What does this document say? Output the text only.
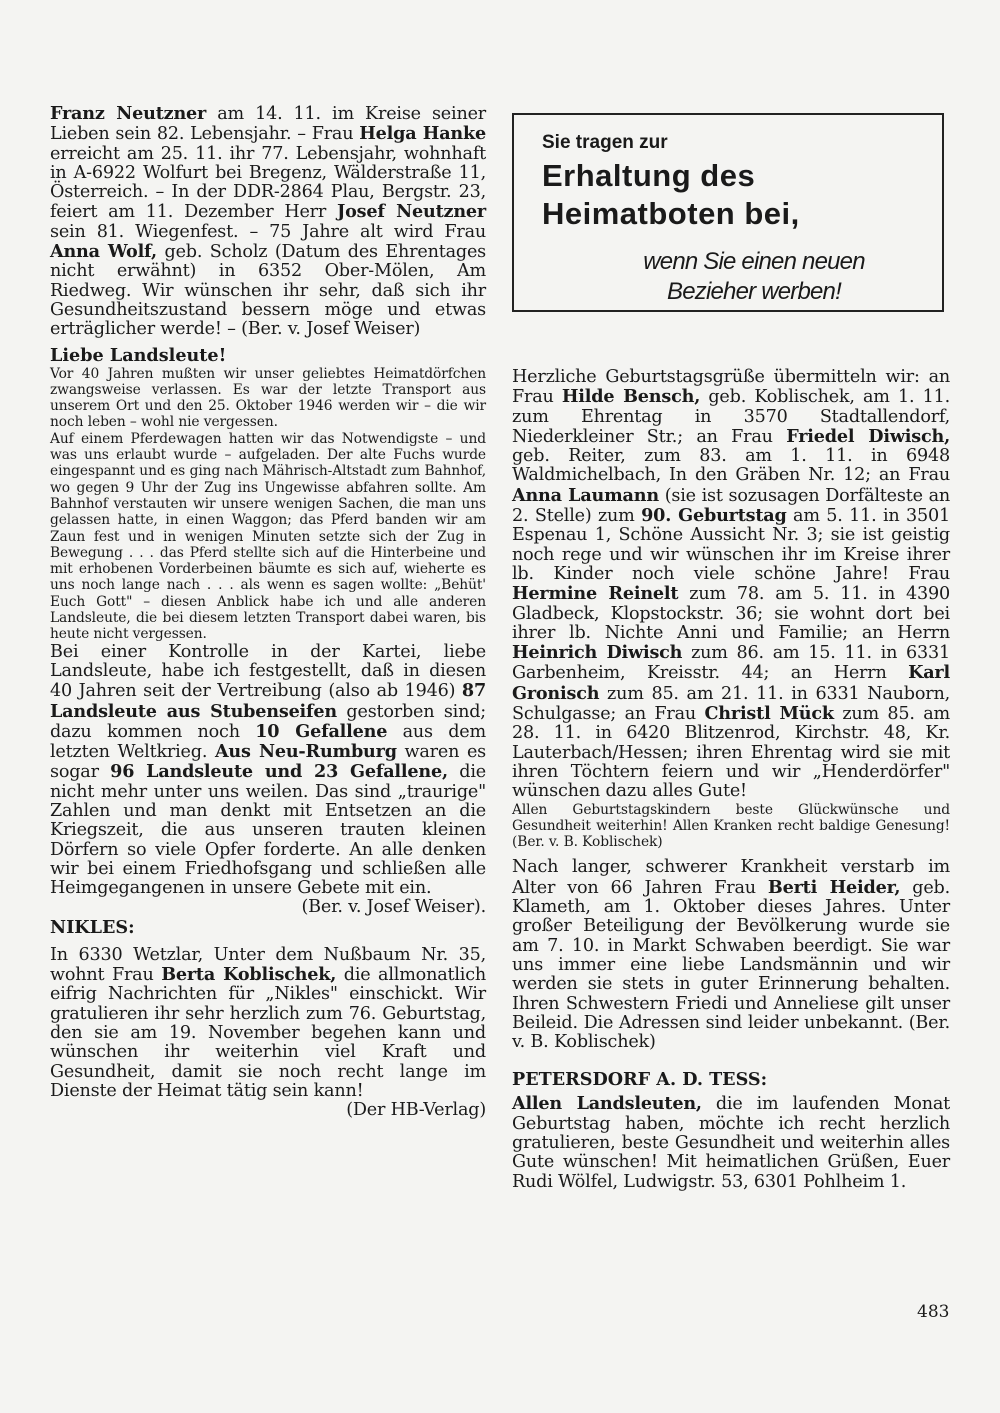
Franz Neutzner am 14. 11. im Kreise seiner Lieben sein 82. Lebensjahr. – Frau Helga Hanke erreicht am 25. 11. ihr 77. Lebensjahr, wohnhaft in A-6922 Wolfurt bei Bregenz, Wälderstraße 11, Österreich. – In der DDR-2864 Plau, Bergstr. 23, feiert am 11. Dezember Herr Josef Neutzner sein 81. Wiegenfest. – 75 Jahre alt wird Frau Anna Wolf, geb. Scholz (Datum des Ehrentages nicht erwähnt) in 6352 Ober-Mölen, Am Riedweg. Wir wünschen ihr sehr, daß sich ihr Gesundheitszustand bessern möge und etwas erträglicher werde! – (Ber. v. Josef Weiser)

Liebe Landsleute!

Vor 40 Jahren mußten wir unser geliebtes Heimatdörfchen zwangsweise verlassen. Es war der letzte Transport aus unserem Ort und den 25. Oktober 1946 werden wir – die wir noch leben – wohl nie vergessen.

Auf einem Pferdewagen hatten wir das Notwendigste – und was uns erlaubt wurde – aufgeladen. Der alte Fuchs wurde eingespannt und es ging nach Mährisch-Altstadt zum Bahnhof, wo gegen 9 Uhr der Zug ins Ungewisse abfahren sollte. Am Bahnhof verstauten wir unsere wenigen Sachen, die man uns gelassen hatte, in einen Waggon; das Pferd banden wir am Zaun fest und in wenigen Minuten setzte sich der Zug in Bewegung . . . das Pferd stellte sich auf die Hinterbeine und mit erhobenen Vorderbeinen bäumte es sich auf, wieherte es uns noch lange nach . . . als wenn es sagen wollte: „Behüt' Euch Gott" – diesen Anblick habe ich und alle anderen Landsleute, die bei diesem letzten Transport dabei waren, bis heute nicht vergessen.

Bei einer Kontrolle in der Kartei, liebe Landsleute, habe ich festgestellt, daß in diesen 40 Jahren seit der Vertreibung (also ab 1946) 87 Landsleute aus Stubenseifen gestorben sind; dazu kommen noch 10 Gefallene aus dem letzten Weltkrieg. Aus Neu-Rumburg waren es sogar 96 Landsleute und 23 Gefallene, die nicht mehr unter uns weilen. Das sind „traurige" Zahlen und man denkt mit Entsetzen an die Kriegszeit, die aus unseren trauten kleinen Dörfern so viele Opfer forderte. An alle denken wir bei einem Friedhofsgang und schließen alle Heimgegangenen in unsere Gebete mit ein.

(Ber. v. Josef Weiser).

NIKLES:

In 6330 Wetzlar, Unter dem Nußbaum Nr. 35, wohnt Frau Berta Koblischek, die allmonatlich eifrig Nachrichten für „Nikles" einschickt. Wir gratulieren ihr sehr herzlich zum 76. Geburtstag, den sie am 19. November begehen kann und wünschen ihr weiterhin viel Kraft und Gesundheit, damit sie noch recht lange im Dienste der Heimat tätig sein kann!

(Der HB-Verlag)

Sie tragen zur
Erhaltung des
Heimatboten bei,
wenn Sie einen neuen
Bezieher werben!

Herzliche Geburtstagsgrüße übermitteln wir: an Frau Hilde Bensch, geb. Koblischek, am 1. 11. zum Ehrentag in 3570 Stadtallendorf, Niederkleiner Str.; an Frau Friedel Diwisch, geb. Reiter, zum 83. am 1. 11. in 6948 Waldmichelbach, In den Gräben Nr. 12; an Frau Anna Laumann (sie ist sozusagen Dorfälteste an 2. Stelle) zum 90. Geburtstag am 5. 11. in 3501 Espenau 1, Schöne Aussicht Nr. 3; sie ist geistig noch rege und wir wünschen ihr im Kreise ihrer lb. Kinder noch viele schöne Jahre! Frau Hermine Reinelt zum 78. am 5. 11. in 4390 Gladbeck, Klopstockstr. 36; sie wohnt dort bei ihrer lb. Nichte Anni und Familie; an Herrn Heinrich Diwisch zum 86. am 15. 11. in 6331 Garbenheim, Kreisstr. 44; an Herrn Karl Gronisch zum 85. am 21. 11. in 6331 Nauborn, Schulgasse; an Frau Christl Mück zum 85. am 28. 11. in 6420 Blitzenrod, Kirchstr. 48, Kr. Lauterbach/Hessen; ihren Ehrentag wird sie mit ihren Töchtern feiern und wir „Henderdörfer" wünschen dazu alles Gute!

Allen Geburtstagskindern beste Glückwünsche und Gesundheit weiterhin! Allen Kranken recht baldige Genesung! (Ber. v. B. Koblischek)

Nach langer, schwerer Krankheit verstarb im Alter von 66 Jahren Frau Berti Heider, geb. Klameth, am 1. Oktober dieses Jahres. Unter großer Beteiligung der Bevölkerung wurde sie am 7. 10. in Markt Schwaben beerdigt. Sie war uns immer eine liebe Landsmännin und wir werden sie stets in guter Erinnerung behalten. Ihren Schwestern Friedi und Anneliese gilt unser Beileid. Die Adressen sind leider unbekannt. (Ber. v. B. Koblischek)

PETERSDORF A. D. TESS:

Allen Landsleuten, die im laufenden Monat Geburtstag haben, möchte ich recht herzlich gratulieren, beste Gesundheit und weiterhin alles Gute wünschen! Mit heimatlichen Grüßen, Euer Rudi Wölfel, Ludwigstr. 53, 6301 Pohlheim 1.

483
